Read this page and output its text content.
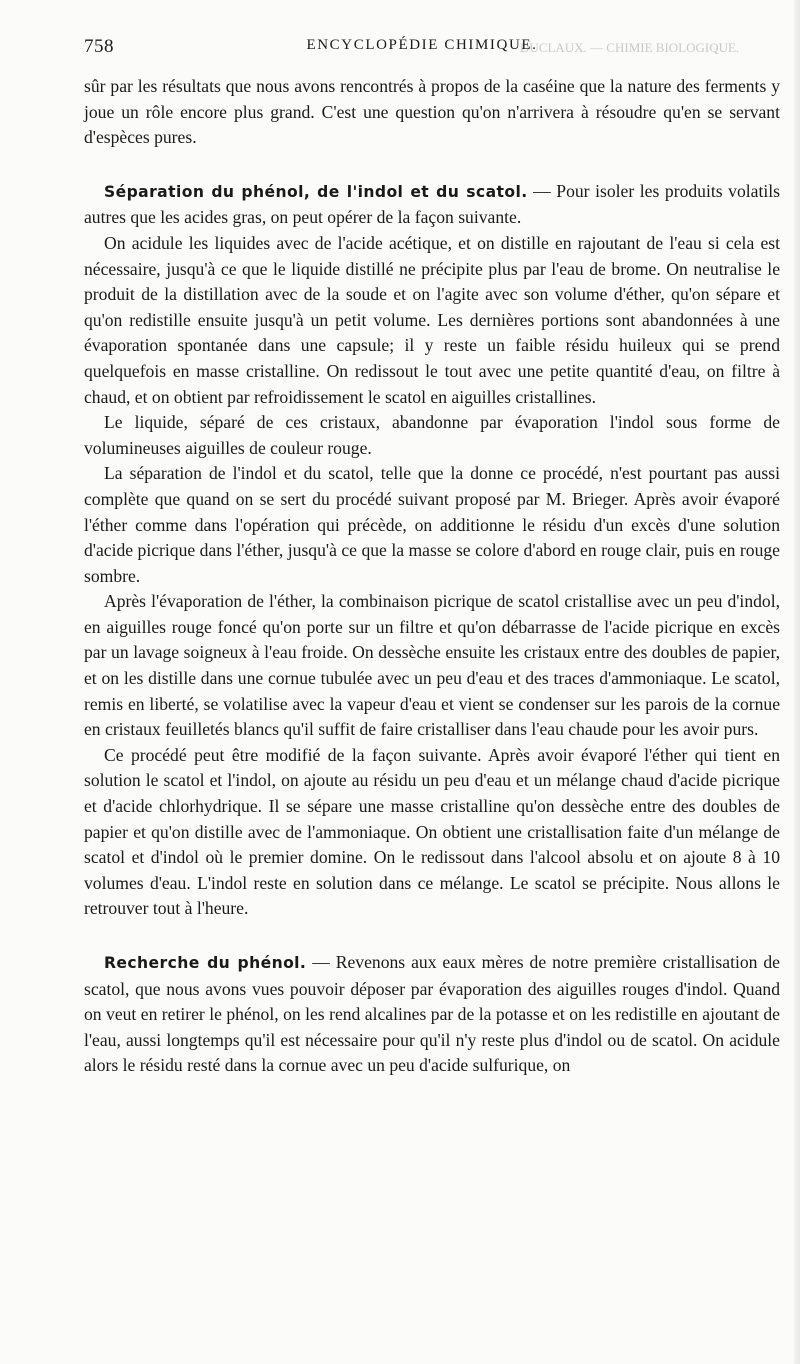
DUCLAUX. — CHIMIE BIOLOGIQUE.
758	ENCYCLOPÉDIE CHIMIQUE.

sûr par les résultats que nous avons rencontrés à propos de la caséine que la nature des ferments y joue un rôle encore plus grand. C'est une question qu'on n'arrivera à résoudre qu'en se servant d'espèces pures.

Séparation du phénol, de l'indol et du scatol. — Pour isoler les produits volatils autres que les acides gras, on peut opérer de la façon suivante.

On acidule les liquides avec de l'acide acétique, et on distille en rajoutant de l'eau si cela est nécessaire, jusqu'à ce que le liquide distillé ne précipite plus par l'eau de brome. On neutralise le produit de la distillation avec de la soude et on l'agite avec son volume d'éther, qu'on sépare et qu'on redistille ensuite jusqu'à un petit volume. Les dernières portions sont abandonnées à une évaporation spontanée dans une capsule; il y reste un faible résidu huileux qui se prend quelquefois en masse cristalline. On redissout le tout avec une petite quantité d'eau, on filtre à chaud, et on obtient par refroidissement le scatol en aiguilles cristallines.

Le liquide, séparé de ces cristaux, abandonne par évaporation l'indol sous forme de volumineuses aiguilles de couleur rouge.

La séparation de l'indol et du scatol, telle que la donne ce procédé, n'est pourtant pas aussi complète que quand on se sert du procédé suivant proposé par M. Brieger. Après avoir évaporé l'éther comme dans l'opération qui précède, on additionne le résidu d'un excès d'une solution d'acide picrique dans l'éther, jusqu'à ce que la masse se colore d'abord en rouge clair, puis en rouge sombre.

Après l'évaporation de l'éther, la combinaison picrique de scatol cristallise avec un peu d'indol, en aiguilles rouge foncé qu'on porte sur un filtre et qu'on débarrasse de l'acide picrique en excès par un lavage soigneux à l'eau froide. On dessèche ensuite les cristaux entre des doubles de papier, et on les distille dans une cornue tubulée avec un peu d'eau et des traces d'ammoniaque. Le scatol, remis en liberté, se volatilise avec la vapeur d'eau et vient se condenser sur les parois de la cornue en cristaux feuilletés blancs qu'il suffit de faire cristalliser dans l'eau chaude pour les avoir purs.

Ce procédé peut être modifié de la façon suivante. Après avoir évaporé l'éther qui tient en solution le scatol et l'indol, on ajoute au résidu un peu d'eau et un mélange chaud d'acide picrique et d'acide chlorhydrique. Il se sépare une masse cristalline qu'on dessèche entre des doubles de papier et qu'on distille avec de l'ammoniaque. On obtient une cristallisation faite d'un mélange de scatol et d'indol où le premier domine. On le redissout dans l'alcool absolu et on ajoute 8 à 10 volumes d'eau. L'indol reste en solution dans ce mélange. Le scatol se précipite. Nous allons le retrouver tout à l'heure.

Recherche du phénol. — Revenons aux eaux mères de notre première cristallisation de scatol, que nous avons vues pouvoir déposer par évaporation des aiguilles rouges d'indol. Quand on veut en retirer le phénol, on les rend alcalines par de la potasse et on les redistille en ajoutant de l'eau, aussi longtemps qu'il est nécessaire pour qu'il n'y reste plus d'indol ou de scatol. On acidule alors le résidu resté dans la cornue avec un peu d'acide sulfurique, on
